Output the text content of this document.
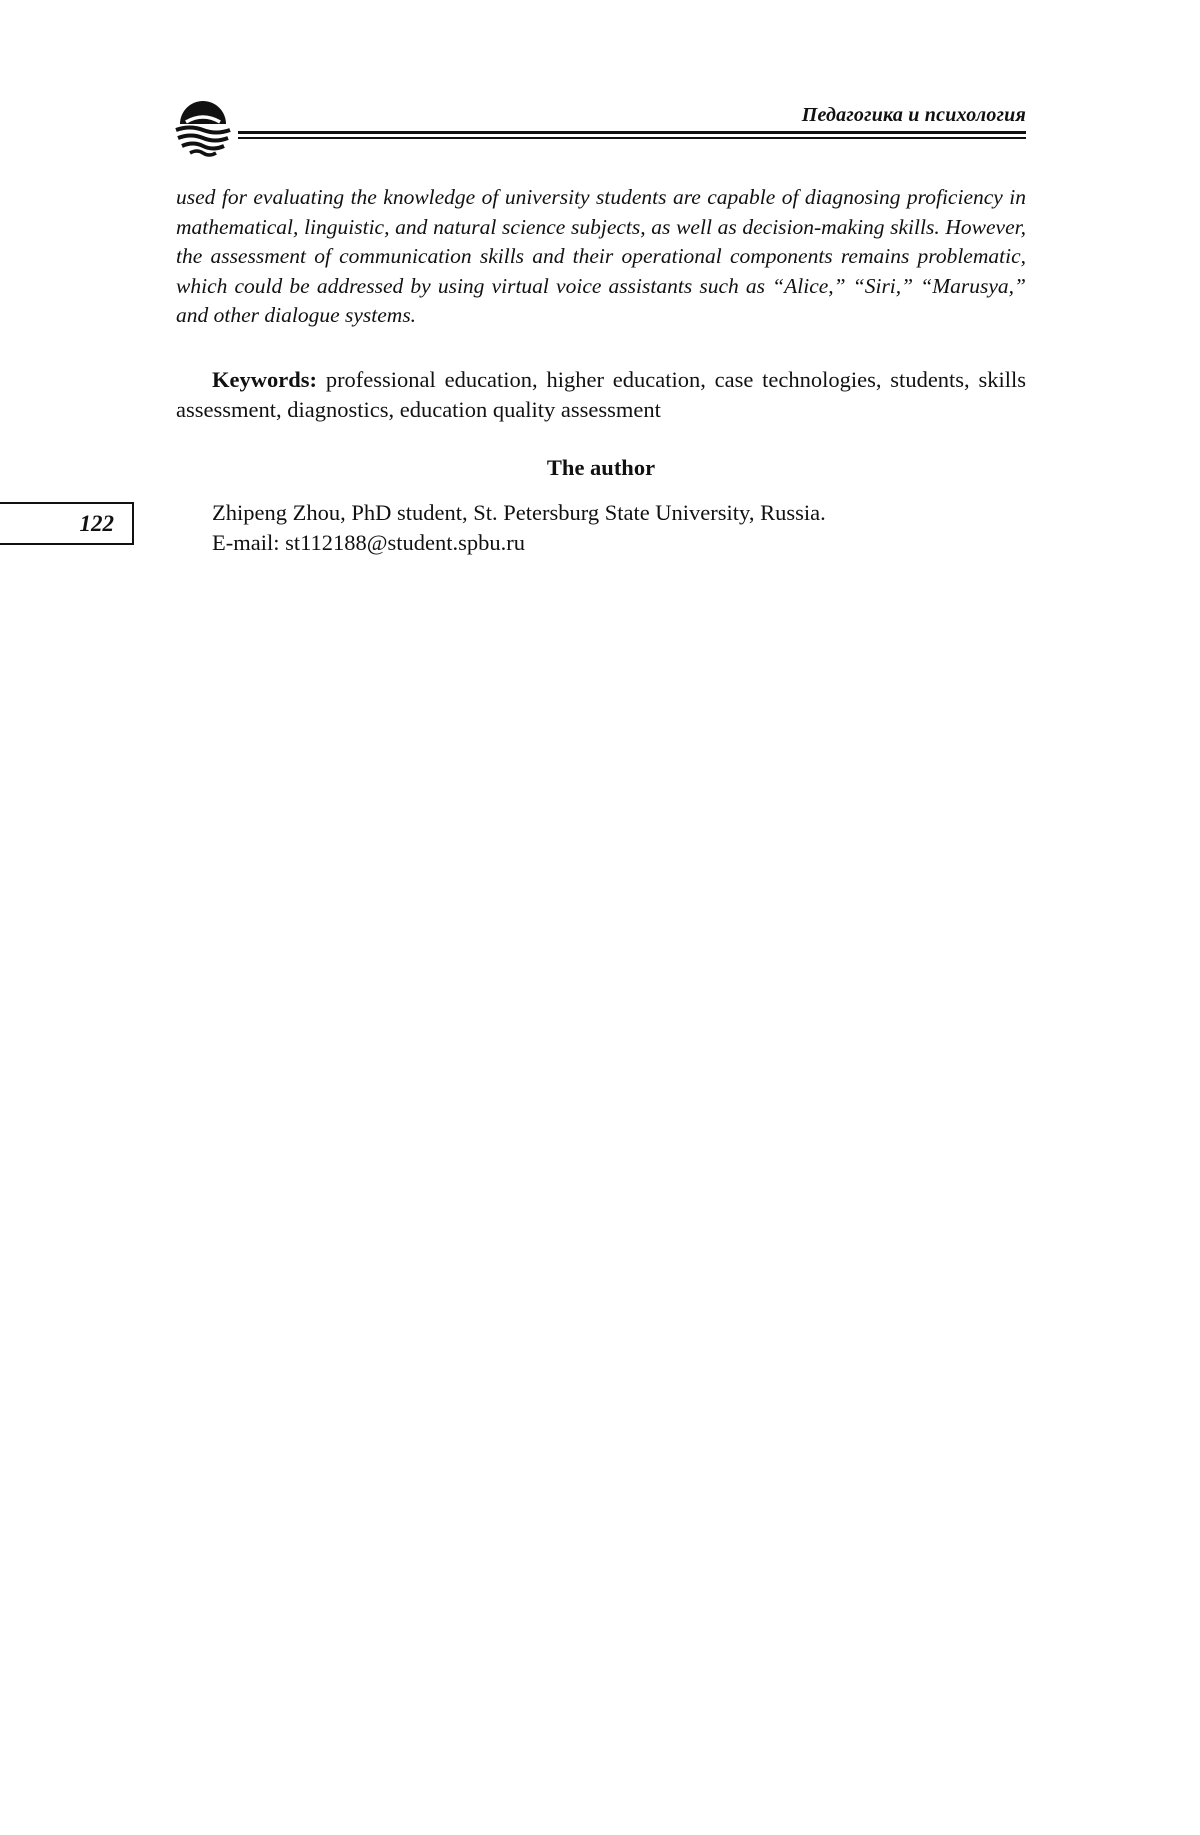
Педагогика и психология

used for evaluating the knowledge of university students are capable of diagnosing proficiency in mathematical, linguistic, and natural science subjects, as well as decision-making skills. However, the assessment of communication skills and their operational components remains problematic, which could be addressed by using virtual voice assistants such as “Alice,” “Siri,” “Marusya,” and other dialogue systems.

Keywords: professional education, higher education, case technologies, students, skills assessment, diagnostics, education quality assessment

The author

122	Zhipeng Zhou, PhD student, St. Petersburg State University, Russia.
E-mail: st112188@student.spbu.ru
